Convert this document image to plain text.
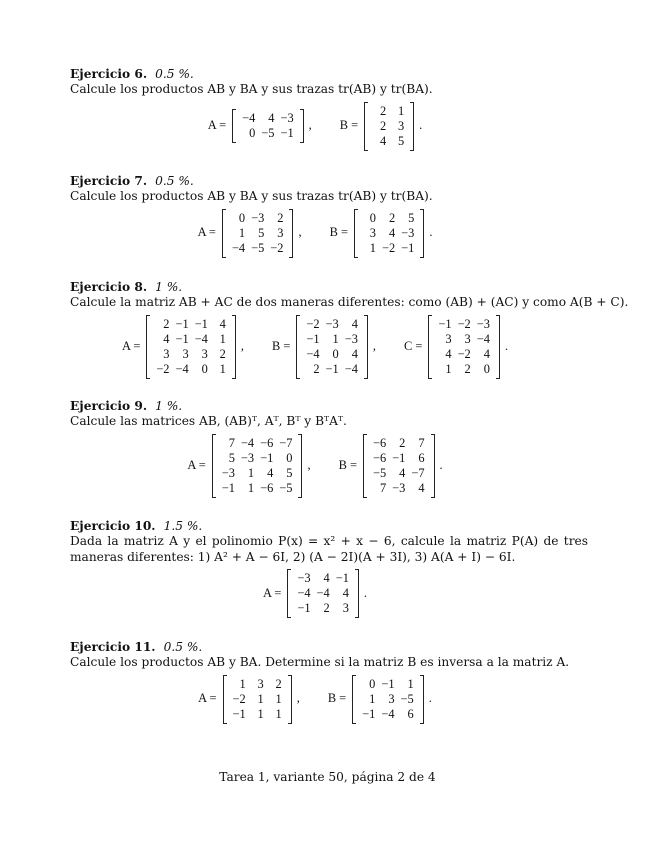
Ejercicio 6. 0.5 %.
Calcule los productos AB y BA y sus trazas tr(AB) y tr(BA).
A =
−4	4	−3
0	−5	−1
, B =
2	1
2	3
4	5
.
Ejercicio 7. 0.5 %.
Calcule los productos AB y BA y sus trazas tr(AB) y tr(BA).
A =
0	−3	2
1	5	3
−4	−5	−2
, B =
0	2	5
3	4	−3
1	−2	−1
.
Ejercicio 8. 1 %.
Calcule la matriz AB + AC de dos maneras diferentes: como (AB) + (AC) y como A(B + C).
A =
2	−1	−1	4
4	−1	−4	1
3	3	3	2
−2	−4	0	1
, B =
−2	−3	4
−1	1	−3
−4	0	4
2	−1	−4
, C =
−1	−2	−3
3	3	−4
4	−2	4
1	2	0
.
Ejercicio 9. 1 %.
Calcule las matrices AB, (AB)ᵀ, Aᵀ, Bᵀ y BᵀAᵀ.
A =
7	−4	−6	−7
5	−3	−1	0
−3	1	4	5
−1	1	−6	−5
, B =
−6	2	7
−6	−1	6
−5	4	−7
7	−3	4
.
Ejercicio 10. 1.5 %.
Dada la matriz A y el polinomio P(x) = x² + x − 6, calcule la matriz P(A) de tres maneras diferentes: 1) A² + A − 6I, 2) (A − 2I)(A + 3I), 3) A(A + I) − 6I.
A =
−3	4	−1
−4	−4	4
−1	2	3
.
Ejercicio 11. 0.5 %.
Calcule los productos AB y BA. Determine si la matriz B es inversa a la matriz A.
A =
1	3	2
−2	1	1
−1	1	1
, B =
0	−1	1
1	3	−5
−1	−4	6
.
Tarea 1, variante 50, página 2 de 4
